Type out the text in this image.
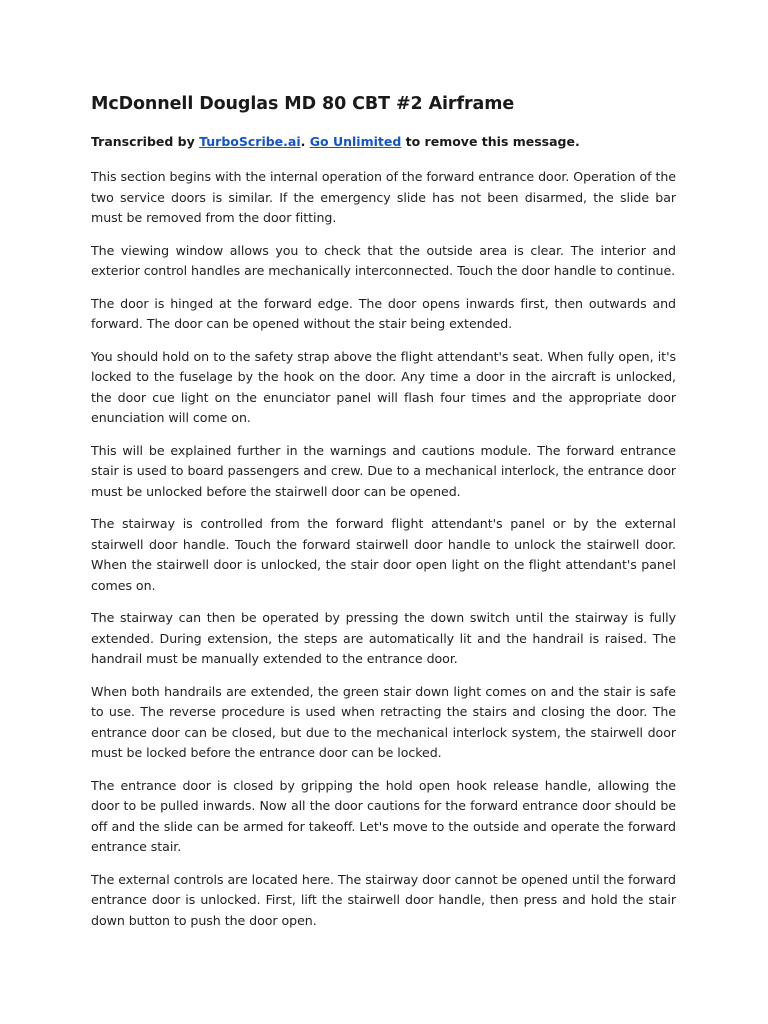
McDonnell Douglas MD 80 CBT #2 Airframe
Transcribed by TurboScribe.ai. Go Unlimited to remove this message.

This section begins with the internal operation of the forward entrance door. Operation of the two service doors is similar. If the emergency slide has not been disarmed, the slide bar must be removed from the door fitting.

The viewing window allows you to check that the outside area is clear. The interior and exterior control handles are mechanically interconnected. Touch the door handle to continue.

The door is hinged at the forward edge. The door opens inwards first, then outwards and forward. The door can be opened without the stair being extended.

You should hold on to the safety strap above the flight attendant's seat. When fully open, it's locked to the fuselage by the hook on the door. Any time a door in the aircraft is unlocked, the door cue light on the enunciator panel will flash four times and the appropriate door enunciation will come on.

This will be explained further in the warnings and cautions module. The forward entrance stair is used to board passengers and crew. Due to a mechanical interlock, the entrance door must be unlocked before the stairwell door can be opened.

The stairway is controlled from the forward flight attendant's panel or by the external stairwell door handle. Touch the forward stairwell door handle to unlock the stairwell door. When the stairwell door is unlocked, the stair door open light on the flight attendant's panel comes on.

The stairway can then be operated by pressing the down switch until the stairway is fully extended. During extension, the steps are automatically lit and the handrail is raised. The handrail must be manually extended to the entrance door.

When both handrails are extended, the green stair down light comes on and the stair is safe to use. The reverse procedure is used when retracting the stairs and closing the door. The entrance door can be closed, but due to the mechanical interlock system, the stairwell door must be locked before the entrance door can be locked.

The entrance door is closed by gripping the hold open hook release handle, allowing the door to be pulled inwards. Now all the door cautions for the forward entrance door should be off and the slide can be armed for takeoff. Let's move to the outside and operate the forward entrance stair.

The external controls are located here. The stairway door cannot be opened until the forward entrance door is unlocked. First, lift the stairwell door handle, then press and hold the stair down button to push the door open.
